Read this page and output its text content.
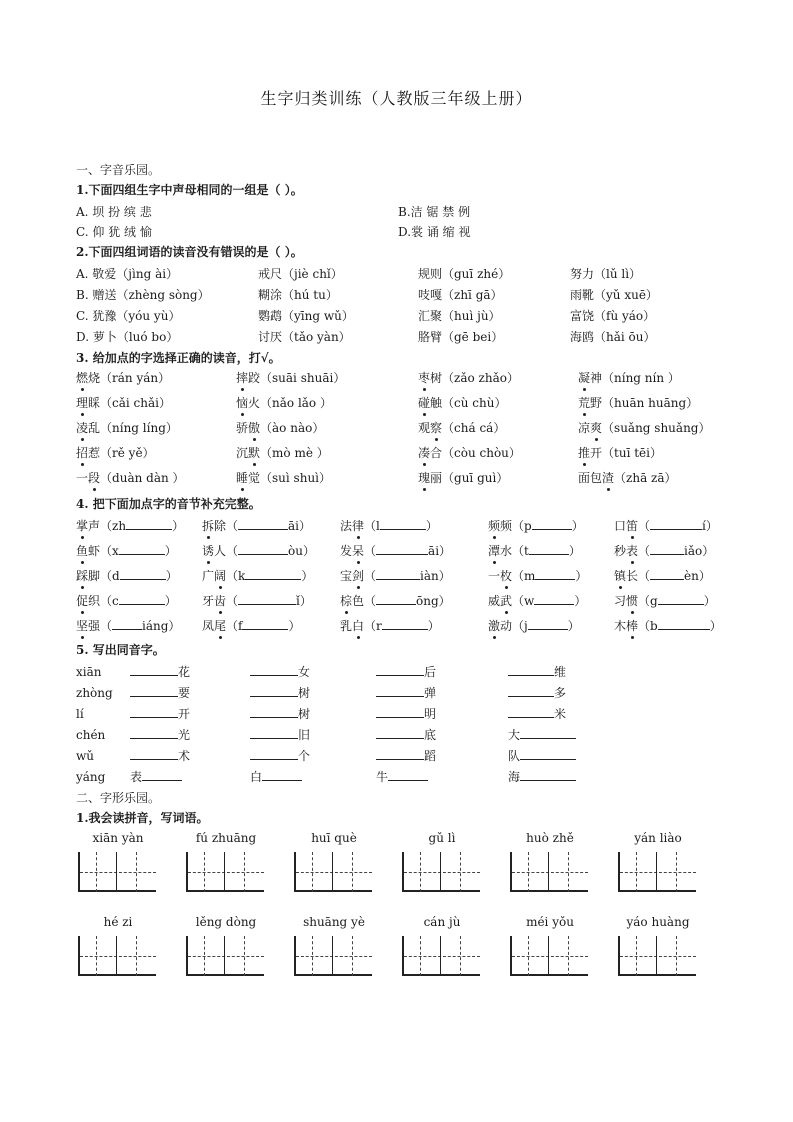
生字归类训练（人教版三年级上册）
一、字音乐园。
1.下面四组生字中声母相同的一组是（ ）。
A. 坝 扮 缤 悲	B.洁 锯 禁 例
C. 仰 犹 绒 愉	D.裳 诵 缩 视
2.下面四组词语的读音没有错误的是（ ）。
A. 敬爱（jìng ài）	戒尺（jiè chǐ）	规则（guī zhé）	努力（lǔ lì）
B. 赠送（zhèng sòng）	糊涂（hú tu）	吱嘎（zhī gā）	雨靴（yǔ xuē）
C. 犹豫（yóu yù）	鹦鹉（yīng wǔ）	汇聚（huì jù）	富饶（fù yáo）
D. 萝卜（luó bo）	讨厌（tǎo yàn）	胳臂（gē bei）	海鸥（hǎi ōu）
3. 给加点的字选择正确的读音，打√。
燃烧（rán yán）	摔跤（suāi shuāi）	枣树（zǎo zhǎo）	凝神（níng nín ）
理睬（cǎi chǎi）	恼火（nǎo lǎo ）	碰触（cù chù）	荒野（huān huāng）
凌乱（níng líng）	骄傲（ào nào）	观察（chá cá）	凉爽（suǎng shuǎng）
招惹（rě yě）	沉默（mò mè ）	凑合（còu chòu）	推开（tuī tēi）
一段（duàn dàn ）	睡觉（suì shuì）	瑰丽（guī guì）	面包渣（zhā zā）
4. 把下面加点字的音节补充完整。
掌声（zh	） 拆除（	āi） 法律（l	）	频频（p	）	口笛（	í）
鱼虾（x	） 诱人（	òu） 发呆（	āi）	潭水（t	）	秒表（	iǎo）
踩脚（d	） 广阔（k	） 宝剑（	iàn）	一枚（m	） 镇长（	èn）
促织（c	） 牙齿（	ǐ） 棕色（	ōng）	威武（w	） 习惯（g	）
坚强（	iáng） 凤尾（f	）	乳白（r	）	激动（j	）	木棒（b	）
5. 写出同音字。
xiān	花	女	后	维
zhòng	要	树	弹	多
lí	开	树	明	米
chén	光	旧	底	大
wǔ	术	个	蹈	队
yáng 表	白	牛	海
二、字形乐园。
1.我会读拼音，写词语。
xiān yàn	fú zhuāng	huī què	gǔ lì	huò zhě	yán liào
hé zi	lěng dòng	shuāng yè	cán jù	méi yǒu	yáo huàng
